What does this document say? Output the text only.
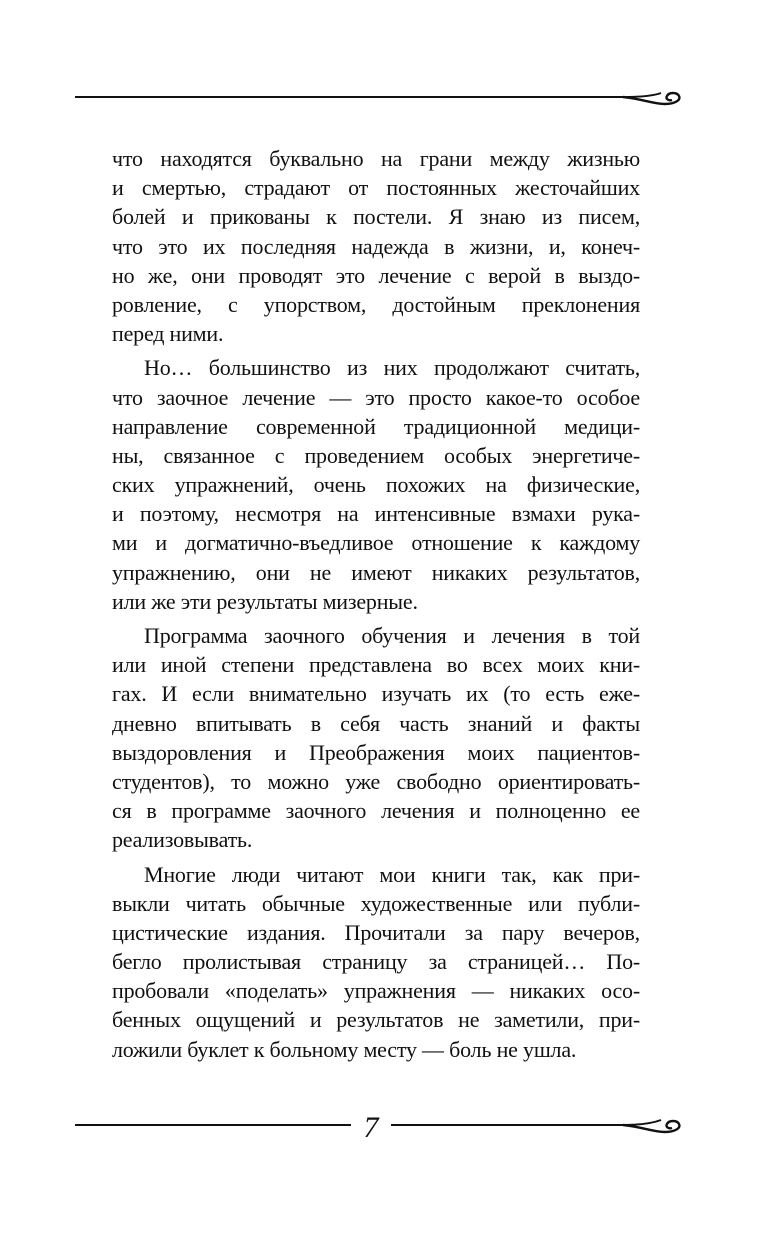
что находятся буквально на грани между жизнью
и смертью, страдают от постоянных жесточайших
болей и прикованы к постели. Я знаю из писем,
что это их последняя надежда в жизни, и, конеч-
но же, они проводят это лечение с верой в выздо-
ровление, с упорством, достойным преклонения
перед ними.

Но… большинство из них продолжают считать,
что заочное лечение — это просто какое-то особое
направление современной традиционной медици-
ны, связанное с проведением особых энергетиче-
ских упражнений, очень похожих на физические,
и поэтому, несмотря на интенсивные взмахи рука-
ми и догматично-въедливое отношение к каждому
упражнению, они не имеют никаких результатов,
или же эти результаты мизерные.

Программа заочного обучения и лечения в той
или иной степени представлена во всех моих кни-
гах. И если внимательно изучать их (то есть еже-
дневно впитывать в себя часть знаний и факты
выздоровления и Преображения моих пациентов-
студентов), то можно уже свободно ориентировать-
ся в программе заочного лечения и полноценно ее
реализовывать.

Многие люди читают мои книги так, как при-
выкли читать обычные художественные или публи-
цистические издания. Прочитали за пару вечеров,
бегло пролистывая страницу за страницей… По-
пробовали «поделать» упражнения — никаких осо-
бенных ощущений и результатов не заметили, при-
ложили буклет к больному месту — боль не ушла.

7
